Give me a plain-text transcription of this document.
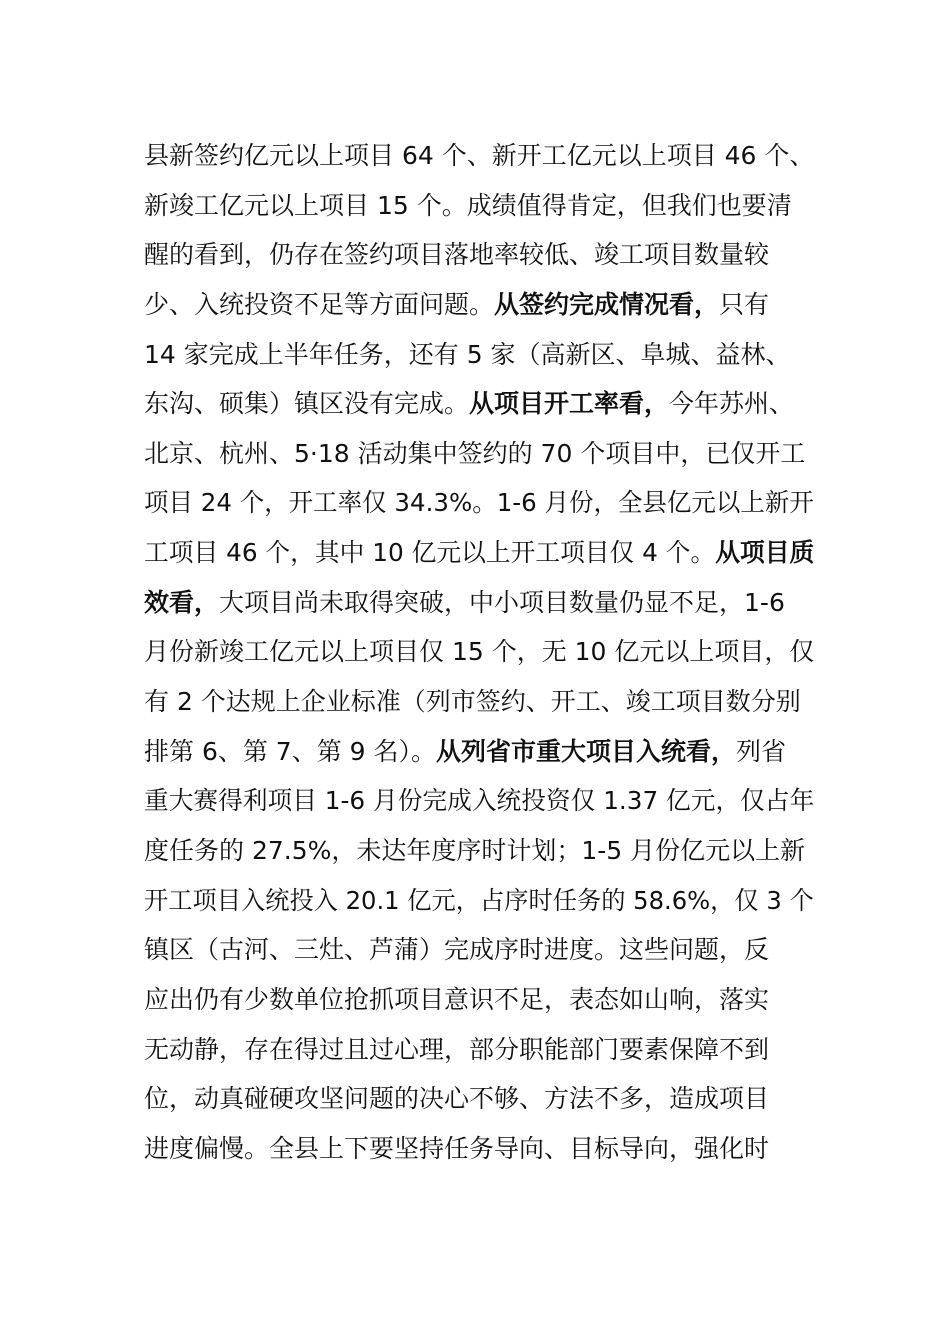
县新签约亿元以上项目 64 个、新开工亿元以上项目 46 个、
新竣工亿元以上项目 15 个。成绩值得肯定，但我们也要清
醒的看到，仍存在签约项目落地率较低、竣工项目数量较
少、入统投资不足等方面问题。从签约完成情况看，只有
14 家完成上半年任务，还有 5 家（高新区、阜城、益林、
东沟、硕集）镇区没有完成。从项目开工率看，今年苏州、
北京、杭州、5·18 活动集中签约的 70 个项目中，已仅开工
项目 24 个，开工率仅 34.3%。1-6 月份，全县亿元以上新开
工项目 46 个，其中 10 亿元以上开工项目仅 4 个。从项目质
效看，大项目尚未取得突破，中小项目数量仍显不足，1-6
月份新竣工亿元以上项目仅 15 个，无 10 亿元以上项目，仅
有 2 个达规上企业标准（列市签约、开工、竣工项目数分别
排第 6、第 7、第 9 名）。从列省市重大项目入统看，列省
重大赛得利项目 1-6 月份完成入统投资仅 1.37 亿元，仅占年
度任务的 27.5%，未达年度序时计划；1-5 月份亿元以上新
开工项目入统投入 20.1 亿元，占序时任务的 58.6%，仅 3 个
镇区（古河、三灶、芦蒲）完成序时进度。这些问题，反
应出仍有少数单位抢抓项目意识不足，表态如山响，落实
无动静，存在得过且过心理，部分职能部门要素保障不到
位，动真碰硬攻坚问题的决心不够、方法不多，造成项目
进度偏慢。全县上下要坚持任务导向、目标导向，强化时
